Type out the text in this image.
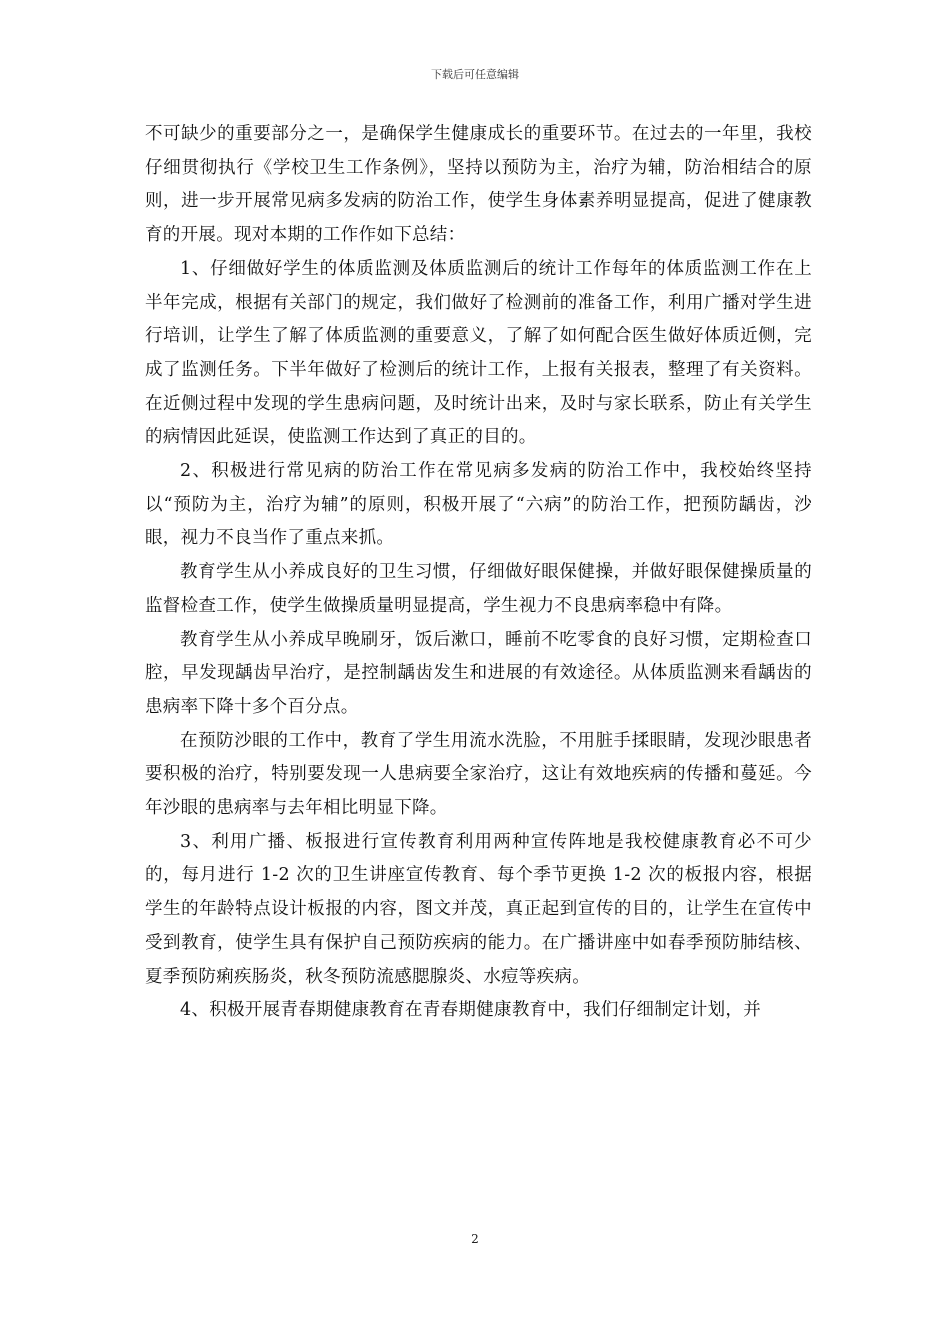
下载后可任意编辑

不可缺少的重要部分之一，是确保学生健康成长的重要环节。在过去的一年里，我校仔细贯彻执行《学校卫生工作条例》，坚持以预防为主，治疗为辅，防治相结合的原则，进一步开展常见病多发病的防治工作，使学生身体素养明显提高，促进了健康教育的开展。现对本期的工作作如下总结：

1、仔细做好学生的体质监测及体质监测后的统计工作每年的体质监测工作在上半年完成，根据有关部门的规定，我们做好了检测前的准备工作，利用广播对学生进行培训，让学生了解了体质监测的重要意义，了解了如何配合医生做好体质近侧，完成了监测任务。下半年做好了检测后的统计工作，上报有关报表，整理了有关资料。在近侧过程中发现的学生患病问题，及时统计出来，及时与家长联系，防止有关学生的病情因此延误，使监测工作达到了真正的目的。

2、积极进行常见病的防治工作在常见病多发病的防治工作中，我校始终坚持以“预防为主，治疗为辅”的原则，积极开展了“六病”的防治工作，把预防龋齿，沙眼，视力不良当作了重点来抓。

教育学生从小养成良好的卫生习惯，仔细做好眼保健操，并做好眼保健操质量的监督检查工作，使学生做操质量明显提高，学生视力不良患病率稳中有降。

教育学生从小养成早晚刷牙，饭后漱口，睡前不吃零食的良好习惯，定期检查口腔，早发现龋齿早治疗，是控制龋齿发生和进展的有效途径。从体质监测来看龋齿的患病率下降十多个百分点。

在预防沙眼的工作中，教育了学生用流水洗脸，不用脏手揉眼睛，发现沙眼患者要积极的治疗，特别要发现一人患病要全家治疗，这让有效地疾病的传播和蔓延。今年沙眼的患病率与去年相比明显下降。

3、利用广播、板报进行宣传教育利用两种宣传阵地是我校健康教育必不可少的，每月进行 1-2 次的卫生讲座宣传教育、每个季节更换 1-2 次的板报内容，根据学生的年龄特点设计板报的内容，图文并茂，真正起到宣传的目的，让学生在宣传中受到教育，使学生具有保护自己预防疾病的能力。在广播讲座中如春季预防肺结核、夏季预防痢疾肠炎，秋冬预防流感腮腺炎、水痘等疾病。

4、积极开展青春期健康教育在青春期健康教育中，我们仔细制定计划，并

2
